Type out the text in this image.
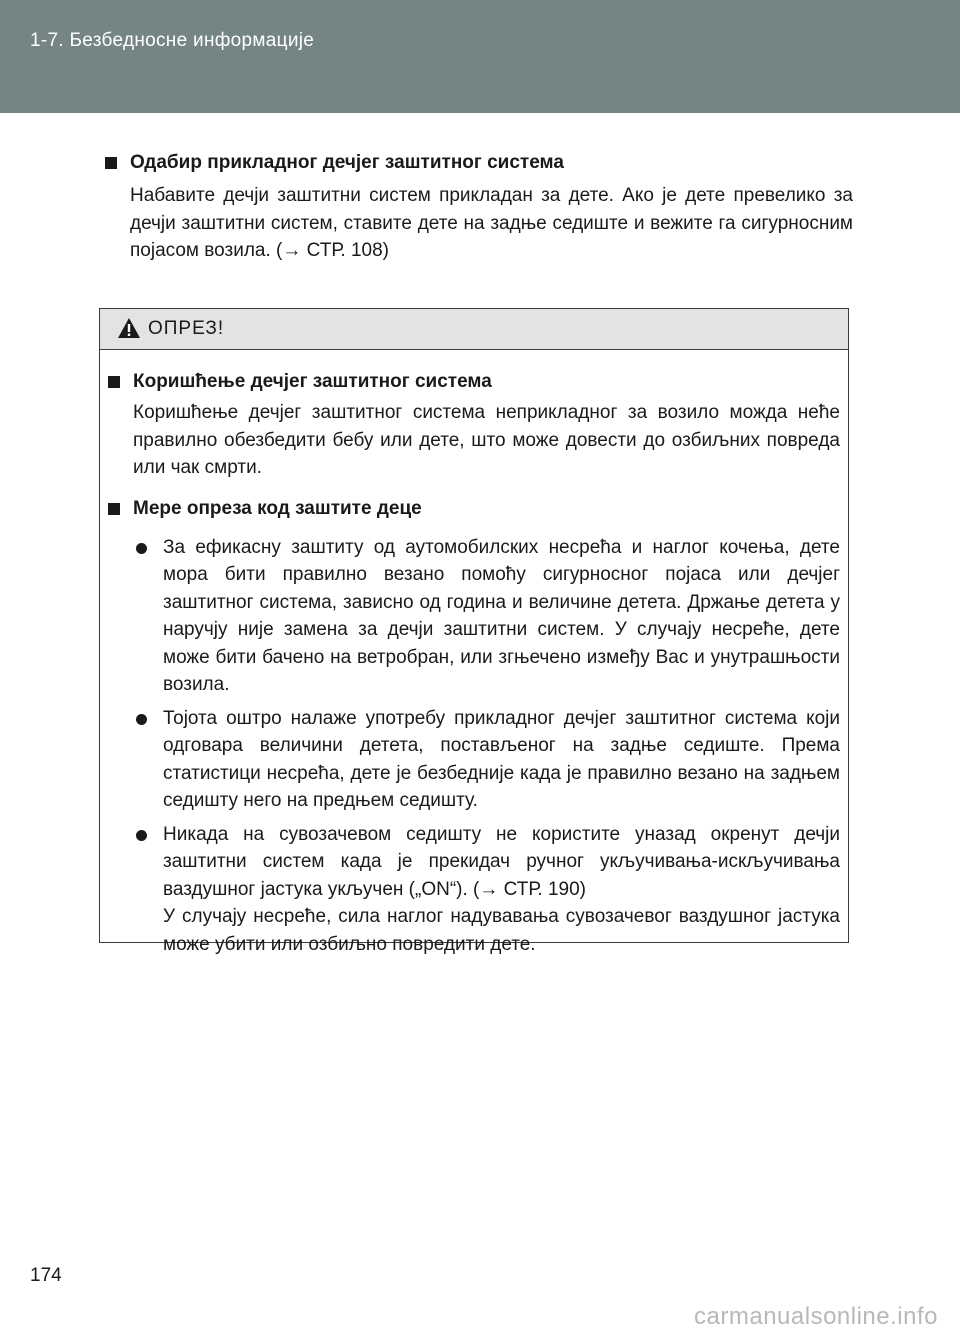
1-7. Безбедносне информације
Одабир прикладног дечјег заштитног система
Набавите дечји заштитни систем прикладан за дете. Ако је дете превелико за дечји заштитни систем, ставите дете на задње седиште и вежите га сигурносним појасом возила. (→ СТР. 108)
ОПРЕЗ!
Коришћење дечјег заштитног система
Коришћење дечјег заштитног система неприкладног за возило можда неће правилно обезбедити бебу или дете, што може довести до озбиљних повреда или чак смрти.
Мере опреза код заштите деце
За ефикасну заштиту од аутомобилских несрећа и наглог кочења, дете мора бити правилно везано помоћу сигурносног појаса или дечјег заштитног система, зависно од година и величине детета. Држање детета у наручју није замена за дечји заштитни систем. У случају несреће, дете може бити бачено на ветробран, или згњечено између Вас и унутрашњости возила.
Тојота оштро налаже употребу прикладног дечјег заштитног система који одговара величини детета, постављеног на задње седиште. Према статистици несрећа, дете је безбедније када је правилно везано на задњем седишту него на предњем седишту.
Никада на сувозачевом седишту не користите уназад окренут дечји заштитни систем када је прекидач ручног укључивања-искључивања ваздушног јастука укључен („ON“). (→ СТР. 190)
У случају несреће, сила наглог надувавања сувозачевог ваздушног јастука може убити или озбиљно повредити дете.
174
carmanualsonline.info
